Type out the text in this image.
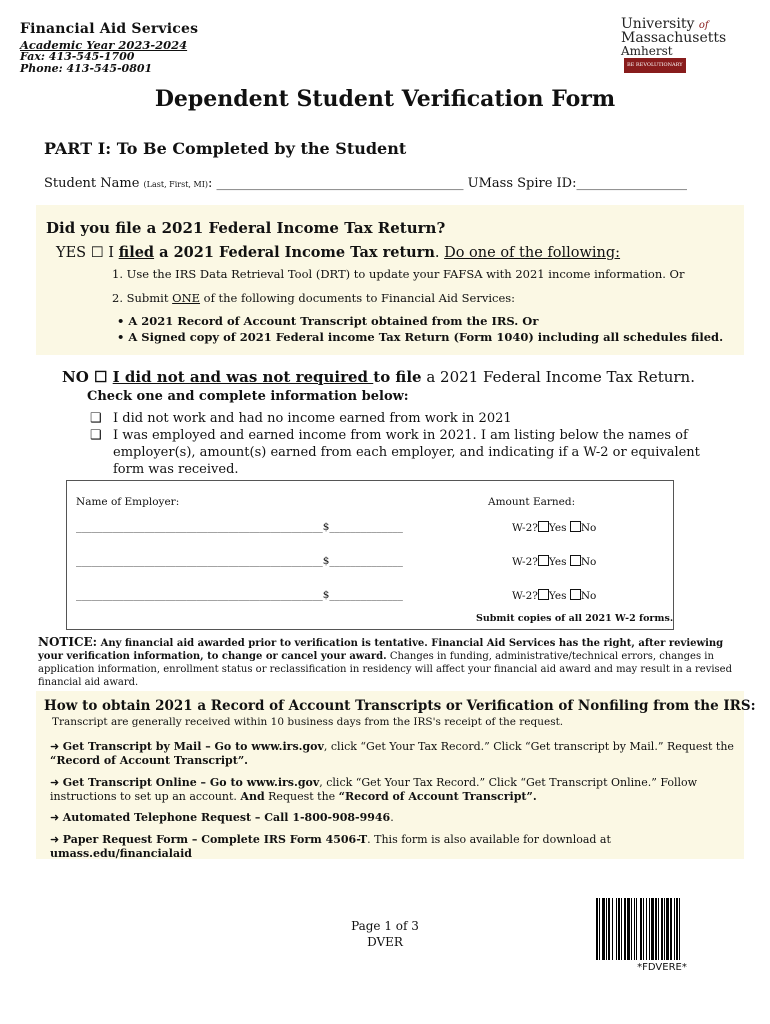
Financial Aid Services
Academic Year 2023-2024
Fax: 413-545-1700
Phone: 413-545-0801
University of
Massachusetts
AmherstBE REVOLUTIONARY
Dependent Student Verification Form
PART I: To Be Completed by the Student
Student Name (Last, First, MI): ______________________________________ UMass Spire ID:_________________
Did you file a 2021 Federal Income Tax Return?
YES ☐ I filed a 2021 Federal Income Tax return. Do one of the following:
1. Use the IRS Data Retrieval Tool (DRT) to update your FAFSA with 2021 income information. Or
2. Submit ONE of the following documents to Financial Aid Services:
• A 2021 Record of Account Transcript obtained from the IRS. Or
• A Signed copy of 2021 Federal income Tax Return (Form 1040) including all schedules filed.
NO ☐ I did not and was not required to file a 2021 Federal Income Tax Return.
Check one and complete information below:
❑ I did not work and had no income earned from work in 2021
❑ I was employed and earned income from work in 2021. I am listing below the names of employer(s), amount(s) earned from each employer, and indicating if a W-2 or equivalent form was received.
Name of Employer:	Amount Earned:
_______________________________________________$______________	W-2? Yes No
_______________________________________________$______________	W-2? Yes No
_______________________________________________$______________	W-2? Yes No
Submit copies of all 2021 W-2 forms.
NOTICE: Any financial aid awarded prior to verification is tentative. Financial Aid Services has the right, after reviewing your verification information, to change or cancel your award. Changes in funding, administrative/technical errors, changes in application information, enrollment status or reclassification in residency will affect your financial aid award and may result in a revised financial aid award.
How to obtain 2021 a Record of Account Transcripts or Verification of Nonfiling from the IRS:
Transcript are generally received within 10 business days from the IRS's receipt of the request.
➜ Get Transcript by Mail – Go to www.irs.gov, click “Get Your Tax Record.” Click “Get transcript by Mail.” Request the “Record of Account Transcript”.
➜ Get Transcript Online – Go to www.irs.gov, click “Get Your Tax Record.” Click “Get Transcript Online.” Follow instructions to set up an account. And Request the “Record of Account Transcript”.
➜ Automated Telephone Request – Call 1-800-908-9946.
➜ Paper Request Form – Complete IRS Form 4506-T. This form is also available for download at umass.edu/financialaid
Page 1 of 3
DVER
*FDVERE*
